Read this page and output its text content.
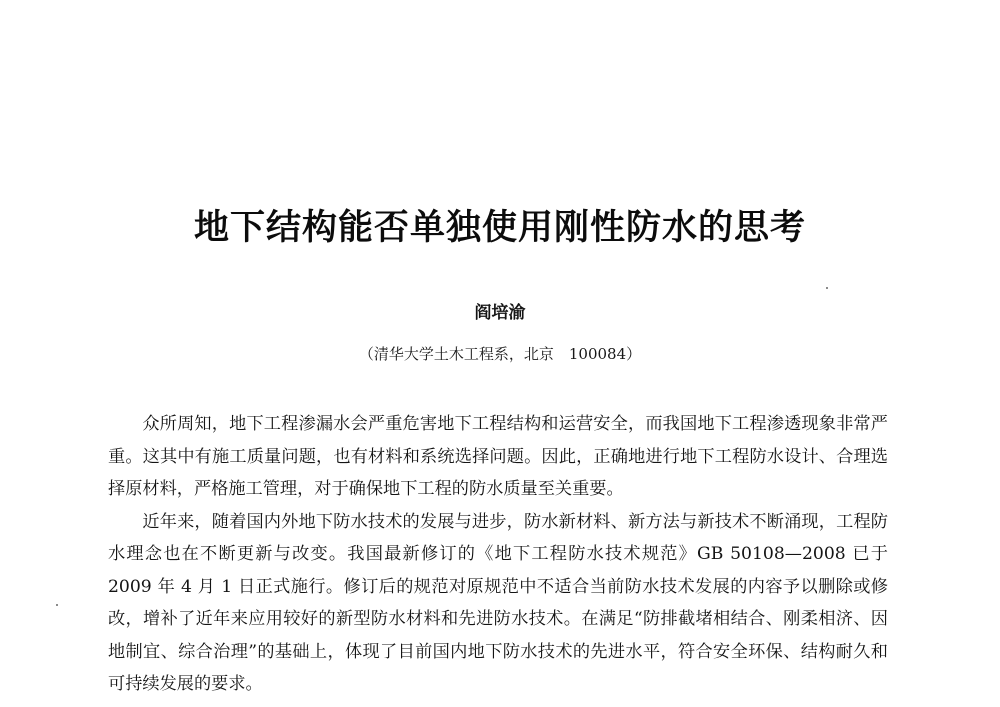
地下结构能否单独使用刚性防水的思考
阎培渝
（清华大学土木工程系，北京　100084）

众所周知，地下工程渗漏水会严重危害地下工程结构和运营安全，而我国地下工程渗透现象非常严重。这其中有施工质量问题，也有材料和系统选择问题。因此，正确地进行地下工程防水设计、合理选择原材料，严格施工管理，对于确保地下工程的防水质量至关重要。

近年来，随着国内外地下防水技术的发展与进步，防水新材料、新方法与新技术不断涌现，工程防水理念也在不断更新与改变。我国最新修订的《地下工程防水技术规范》GB 50108—2008 已于 2009 年 4 月 1 日正式施行。修订后的规范对原规范中不适合当前防水技术发展的内容予以删除或修改，增补了近年来应用较好的新型防水材料和先进防水技术。在满足“防排截堵相结合、刚柔相济、因地制宜、综合治理”的基础上，体现了目前国内地下防水技术的先进水平，符合安全环保、结构耐久和可持续发展的要求。
